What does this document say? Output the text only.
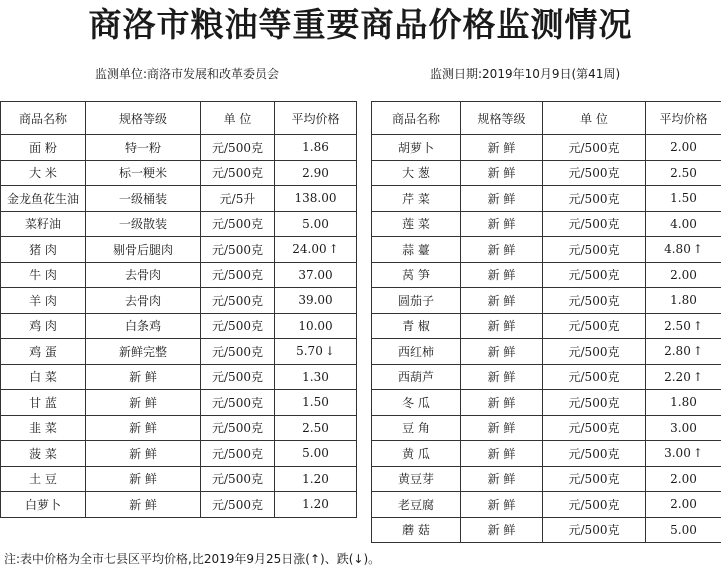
商洛市粮油等重要商品价格监测情况
监测单位:商洛市发展和改革委员会	监测日期:2019年10月9日(第41周)
商品名称	规格等级	单 位	平均价格
面 粉	特一粉	元/500克	1.86
大 米	标一粳米	元/500克	2.90
金龙鱼花生油	一级桶装	元/5升	138.00
菜籽油	一级散装	元/500克	5.00
猪 肉	剔骨后腿肉	元/500克	24.00 ↑
牛 肉	去骨肉	元/500克	37.00
羊 肉	去骨肉	元/500克	39.00
鸡 肉	白条鸡	元/500克	10.00
鸡 蛋	新鲜完整	元/500克	5.70 ↓
白 菜	新 鲜	元/500克	1.30
甘 蓝	新 鲜	元/500克	1.50
韭 菜	新 鲜	元/500克	2.50
菠 菜	新 鲜	元/500克	5.00
土 豆	新 鲜	元/500克	1.20
白萝卜	新 鲜	元/500克	1.20
商品名称	规格等级	单 位	平均价格
胡萝卜	新 鲜	元/500克	2.00
大 葱	新 鲜	元/500克	2.50
芹 菜	新 鲜	元/500克	1.50
莲 菜	新 鲜	元/500克	4.00
蒜 薹	新 鲜	元/500克	4.80 ↑
莴 笋	新 鲜	元/500克	2.00
圆茄子	新 鲜	元/500克	1.80
青 椒	新 鲜	元/500克	2.50 ↑
西红柿	新 鲜	元/500克	2.80 ↑
西葫芦	新 鲜	元/500克	2.20 ↑
冬 瓜	新 鲜	元/500克	1.80
豆 角	新 鲜	元/500克	3.00
黄 瓜	新 鲜	元/500克	3.00 ↑
黄豆芽	新 鲜	元/500克	2.00
老豆腐	新 鲜	元/500克	2.00
蘑 菇	新 鲜	元/500克	5.00
注:表中价格为全市七县区平均价格,比2019年9月25日涨(↑)、跌(↓)。
